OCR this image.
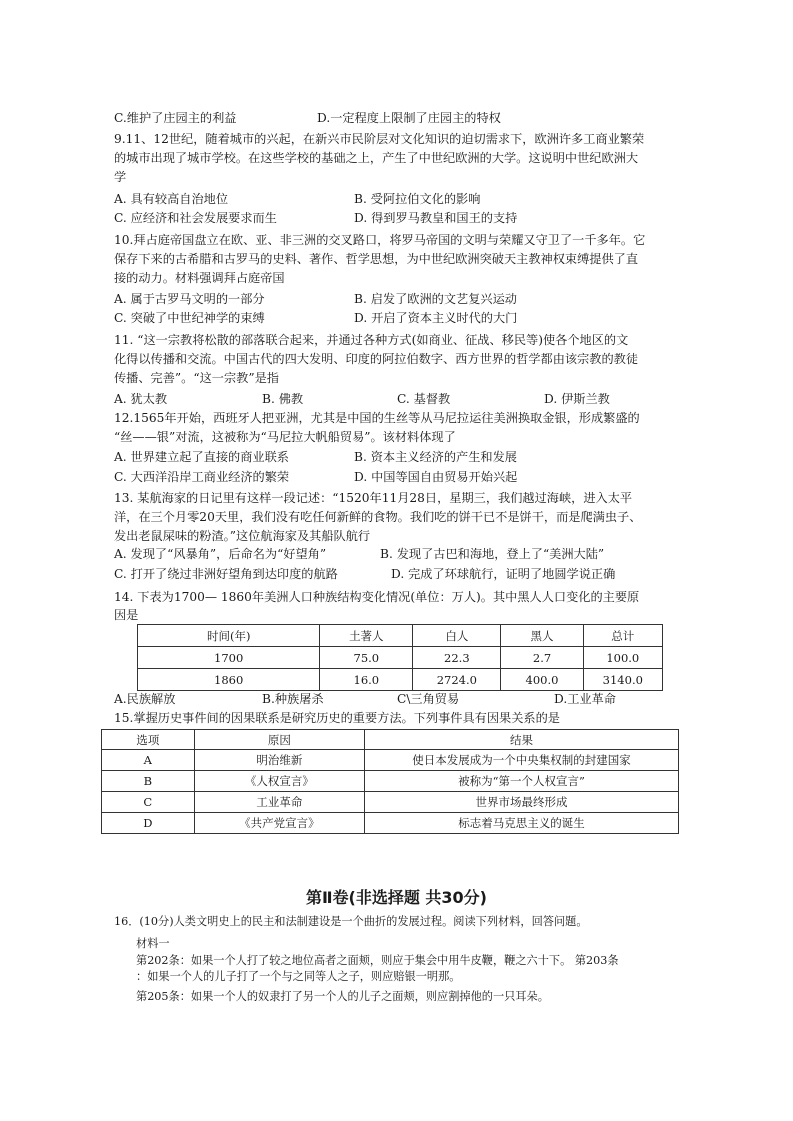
C.维护了庄园主的利益	D.一定程度上限制了庄园主的特权
9.11、12世纪，随着城市的兴起，在新兴市民阶层对文化知识的迫切需求下，欧洲许多工商业繁荣
的城市出现了城市学校。在这些学校的基础之上，产生了中世纪欧洲的大学。这说明中世纪欧洲大
学
A. 具有较高自治地位	B. 受阿拉伯文化的影响
C. 应经济和社会发展要求而生	D. 得到罗马教皇和国王的支持
10.拜占庭帝国盘立在欧、亚、非三洲的交叉路口，将罗马帝国的文明与荣耀又守卫了一千多年。它
保存下来的古希腊和古罗马的史料、著作、哲学思想，为中世纪欧洲突破天主教神权束缚提供了直
接的动力。材料强调拜占庭帝国
A. 属于古罗马文明的一部分	B. 启发了欧洲的文艺复兴运动
C. 突破了中世纪神学的束缚	D. 开启了资本主义时代的大门
11. “这一宗教将松散的部落联合起来，并通过各种方式(如商业、征战、移民等)使各个地区的文
化得以传播和交流。中国古代的四大发明、印度的阿拉伯数字、西方世界的哲学都由该宗教的教徒
传播、完善”。“这一宗教”是指
A. 犹太教	B. 佛教	C. 基督教	D. 伊斯兰教
12.1565年开始，西班牙人把亚洲，尤其是中国的生丝等从马尼拉运往美洲换取金银，形成繁盛的
“丝——银”对流，这被称为“马尼拉大帆船贸易”。该材料体现了
A. 世界建立起了直接的商业联系	B. 资本主义经济的产生和发展
C. 大西洋沿岸工商业经济的繁荣	D. 中国等国自由贸易开始兴起
13. 某航海家的日记里有这样一段记述：“1520年11月28日，星期三，我们越过海峡，进入太平
洋，在三个月零20天里，我们没有吃任何新鲜的食物。我们吃的饼干已不是饼干，而是爬满虫子、
发出老鼠屎味的粉渣。”这位航海家及其船队航行
A. 发现了“风暴角”，后命名为“好望角”	B. 发现了古巴和海地，登上了“美洲大陆”
C. 打开了绕过非洲好望角到达印度的航路	D. 完成了环球航行，证明了地圆学说正确
14. 下表为1700— 1860年美洲人口种族结构变化情况(单位：万人)。其中黑人人口变化的主要原
因是
时间(年)	土著人	白人	黑人	总计
1700	75.0	22.3	2.7	100.0
1860	16.0	2724.0	400.0	3140.0
A.民族解放	B.种族屠杀	C\三角贸易	D.工业革命
15.掌握历史事件间的因果联系是研究历史的重要方法。下列事件具有因果关系的是
选项	原因	结果
A	明治维新	使日本发展成为一个中央集权制的封建国家
B	《人权宣言》	被称为“第一个人权宣言”
C	工业革命	世界市场最终形成
D	《共产党宣言》	标志着马克思主义的诞生
第Ⅱ卷(非选择题 共30分)
16．(10分)人类文明史上的民主和法制建设是一个曲折的发展过程。阅读下列材料，回答问题。
材料一
第202条：如果一个人打了较之地位高者之面颊，则应于集会中用牛皮鞭，鞭之六十下。 第203条
：如果一个人的儿子打了一个与之同等人之子，则应赔银一明那。
第205条：如果一个人的奴隶打了另一个人的儿子之面颊，则应割掉他的一只耳朵。
